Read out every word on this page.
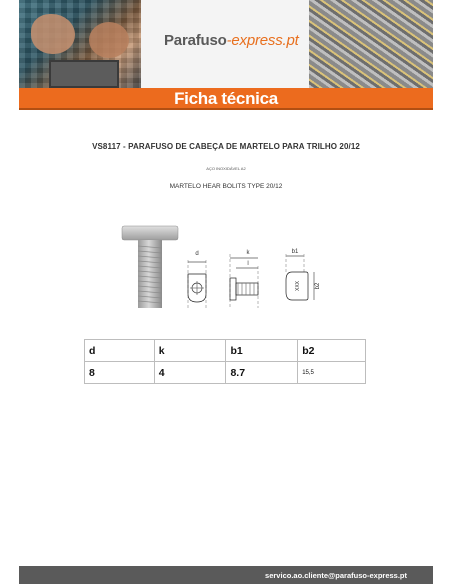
Parafuso-express.pt
Ficha técnica
VS8117 - PARAFUSO DE CABEÇA DE MARTELO PARA TRILHO 20/12
AÇO INOXIDÁVEL A2
MARTELO HEAR BOLITS TYPE 20/12
d	k
l
b1
XXX b2
d	k	b1	b2
8	4	8.7	15,5
servico.ao.cliente@parafuso-express.pt
